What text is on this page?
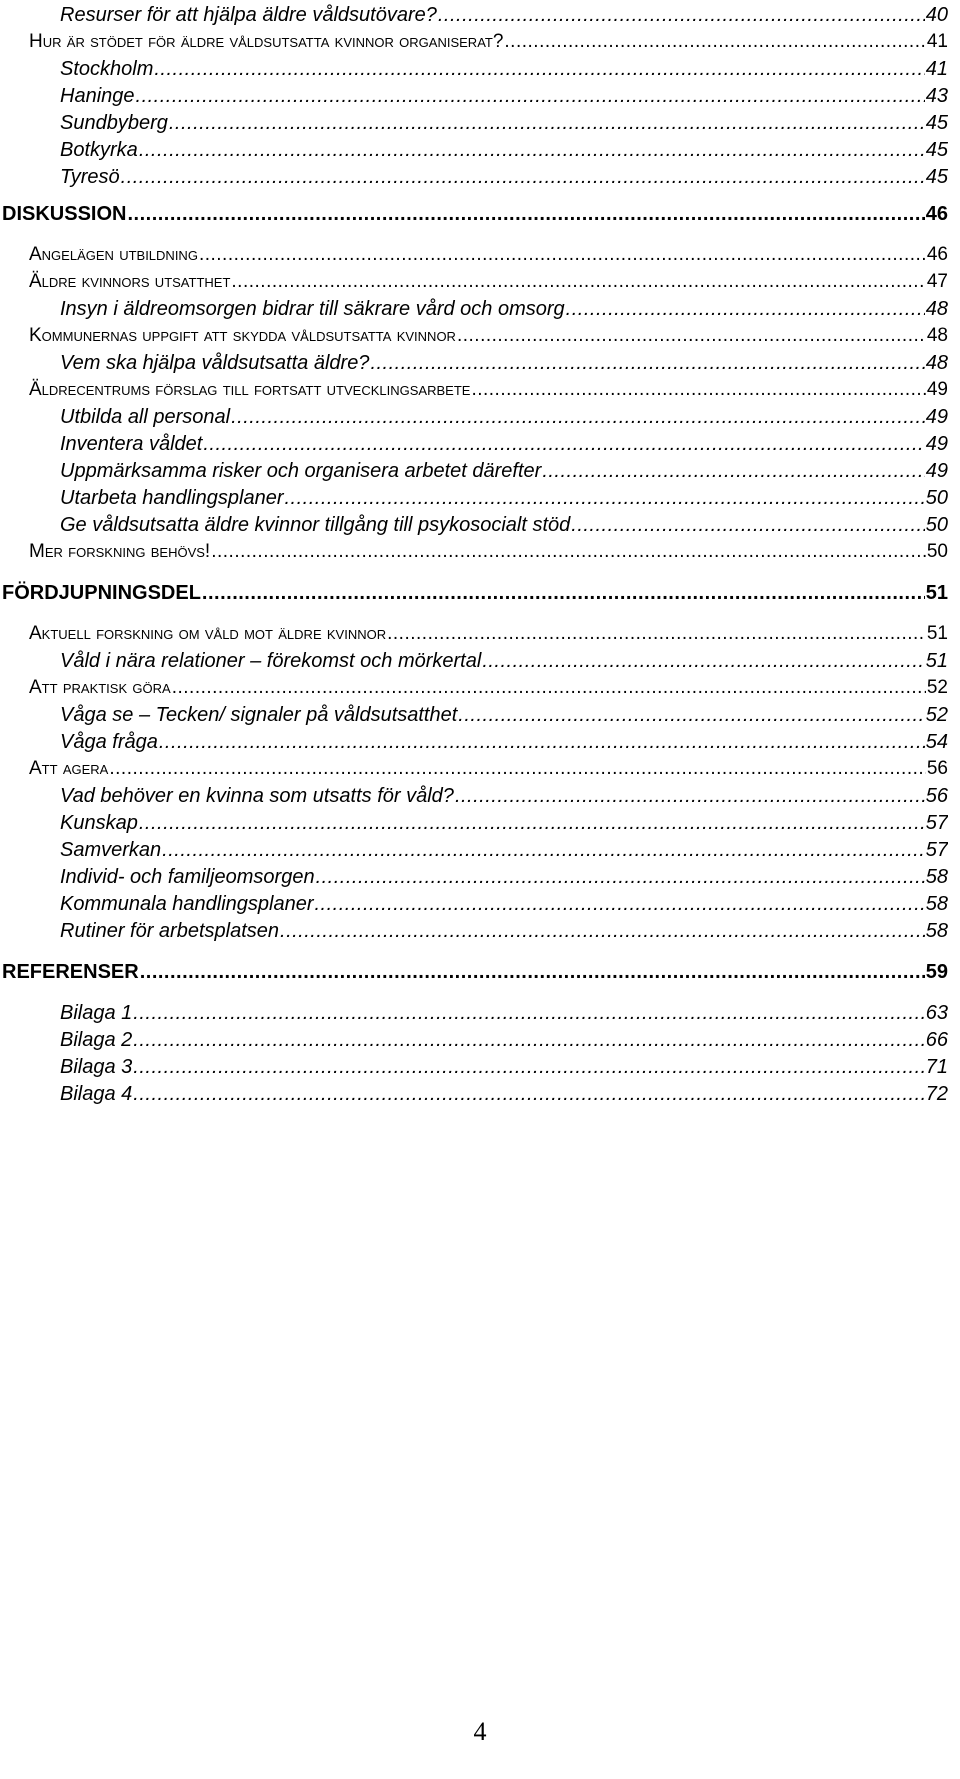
Resurser för att hjälpa äldre våldsutövare? .....	40
Hur är stödet för äldre våldsutsatta kvinnor organiserat? .....	41
Stockholm .....	41
Haninge .....	43
Sundbyberg .....	45
Botkyrka .....	45
Tyresö .....	45
DISKUSSION .....	46
Angelägen utbildning .....	46
Äldre kvinnors utsatthet .....	47
Insyn i äldreomsorgen bidrar till säkrare vård och omsorg .....	48
Kommunernas uppgift att skydda våldsutsatta kvinnor .....	48
Vem ska hjälpa våldsutsatta äldre? .....	48
Äldrecentrums förslag till fortsatt utvecklingsarbete .....	49
Utbilda all personal .....	49
Inventera våldet .....	49
Uppmärksamma risker och organisera arbetet därefter .....	49
Utarbeta handlingsplaner .....	50
Ge våldsutsatta äldre kvinnor tillgång till psykosocialt stöd .....	50
Mer forskning behövs! .....	50
FÖRDJUPNINGSDEL .....	51
Aktuell forskning om våld mot äldre kvinnor .....	51
Våld i nära relationer – förekomst och mörkertal .....	51
Att praktisk göra .....	52
Våga se – Tecken/ signaler på våldsutsatthet .....	52
Våga fråga .....	54
Att agera .....	56
Vad behöver en kvinna som utsatts för våld? .....	56
Kunskap .....	57
Samverkan .....	57
Individ- och familjeomsorgen .....	58
Kommunala handlingsplaner .....	58
Rutiner för arbetsplatsen .....	58
REFERENSER .....	59
Bilaga 1 .....	63
Bilaga 2 .....	66
Bilaga 3 .....	71
Bilaga 4 .....	72
4
